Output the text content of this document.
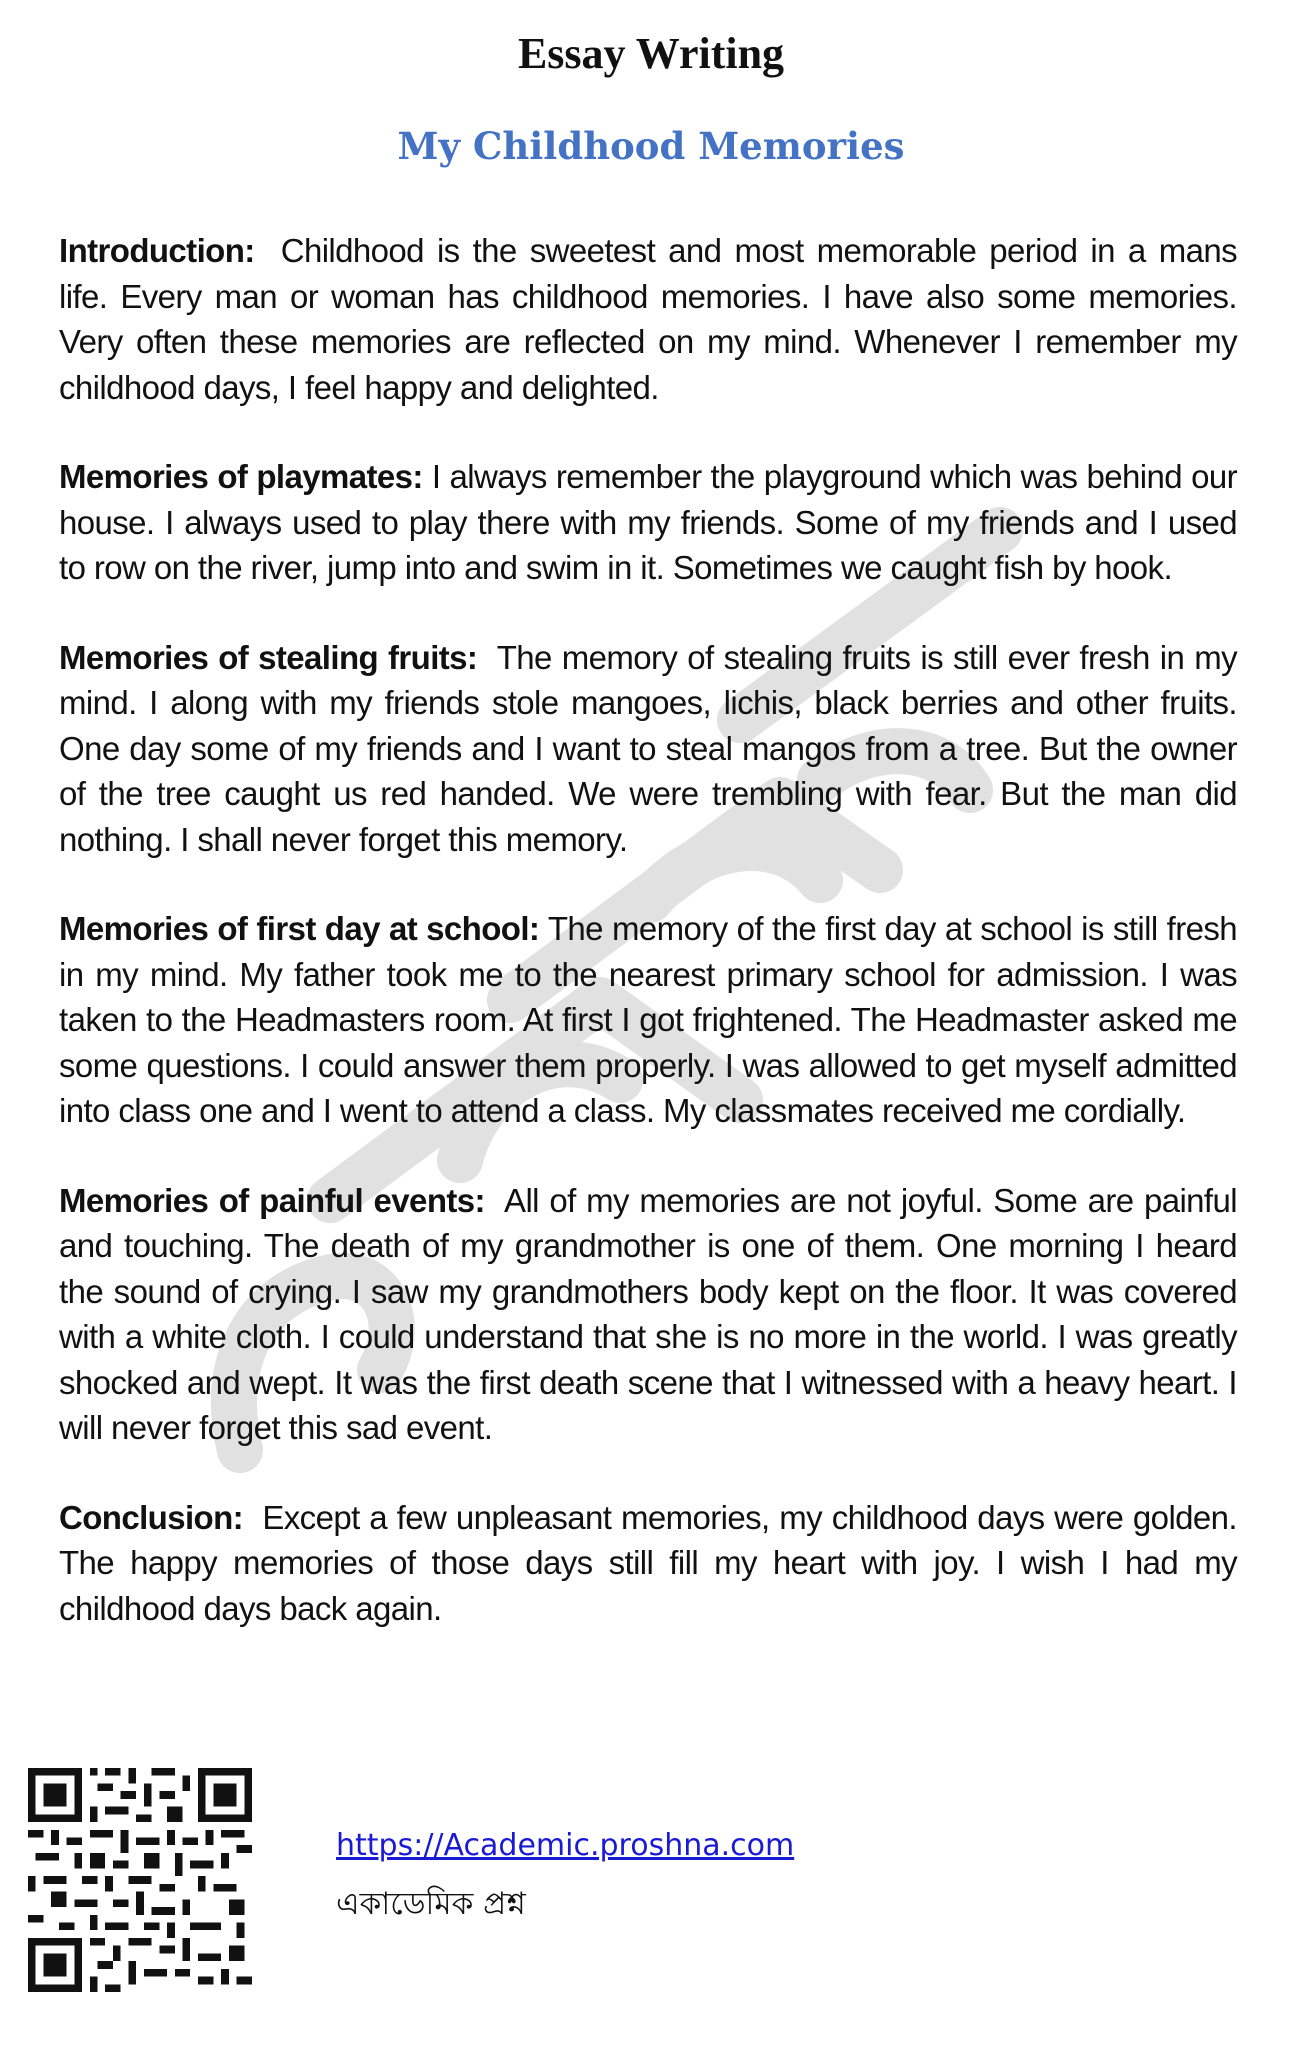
Essay Writing
My Childhood Memories

Introduction: Childhood is the sweetest and most memorable period in a mans life. Every man or woman has childhood memories. I have also some memories. Very often these memories are reflected on my mind. Whenever I remember my childhood days, I feel happy and delighted.

Memories of playmates: I always remember the playground which was behind our house. I always used to play there with my friends. Some of my friends and I used to row on the river, jump into and swim in it. Sometimes we caught fish by hook.

Memories of stealing fruits: The memory of stealing fruits is still ever fresh in my mind. I along with my friends stole mangoes, lichis, black berries and other fruits. One day some of my friends and I want to steal mangos from a tree. But the owner of the tree caught us red handed. We were trembling with fear. But the man did nothing. I shall never forget this memory.

Memories of first day at school: The memory of the first day at school is still fresh in my mind. My father took me to the nearest primary school for admission. I was taken to the Headmasters room. At first I got frightened. The Headmaster asked me some questions. I could answer them properly. I was allowed to get myself admitted into class one and I went to attend a class. My classmates received me cordially.

Memories of painful events: All of my memories are not joyful. Some are painful and touching. The death of my grandmother is one of them. One morning I heard the sound of crying. I saw my grandmothers body kept on the floor. It was covered with a white cloth. I could understand that she is no more in the world. I was greatly shocked and wept. It was the first death scene that I witnessed with a heavy heart. I will never forget this sad event.

Conclusion: Except a few unpleasant memories, my childhood days were golden. The happy memories of those days still fill my heart with joy. I wish I had my childhood days back again.

https://Academic.proshna.com
একাডেমিক প্রশ্ন
